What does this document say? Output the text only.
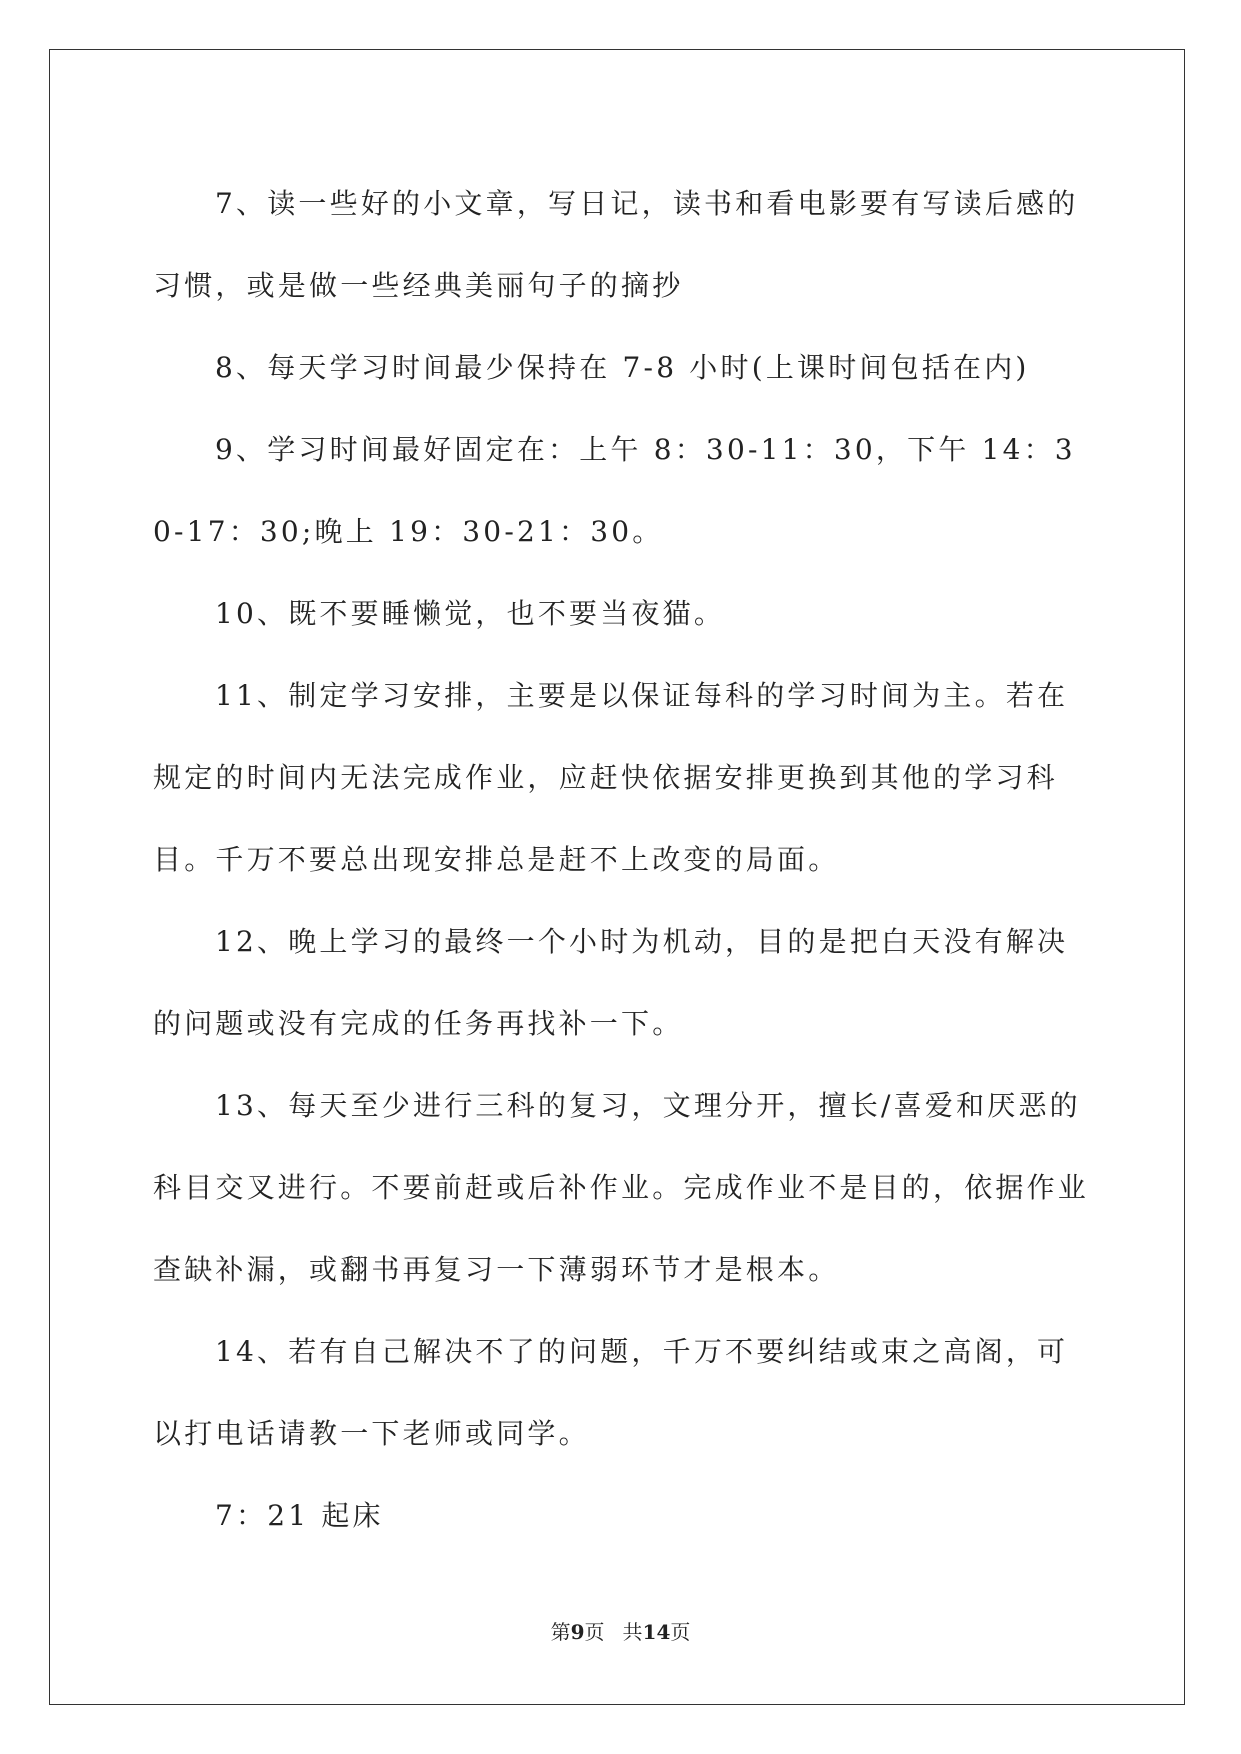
7、读一些好的小文章，写日记，读书和看电影要有写读后感的习惯，或是做一些经典美丽句子的摘抄

8、每天学习时间最少保持在 7-8 小时(上课时间包括在内)

9、学习时间最好固定在：上午 8：30-11：30，下午 14：30-17：30;晚上 19：30-21：30。

10、既不要睡懒觉，也不要当夜猫。

11、制定学习安排，主要是以保证每科的学习时间为主。若在规定的时间内无法完成作业，应赶快依据安排更换到其他的学习科目。千万不要总出现安排总是赶不上改变的局面。

12、晚上学习的最终一个小时为机动，目的是把白天没有解决的问题或没有完成的任务再找补一下。

13、每天至少进行三科的复习，文理分开，擅长/喜爱和厌恶的科目交叉进行。不要前赶或后补作业。完成作业不是目的，依据作业查缺补漏，或翻书再复习一下薄弱环节才是根本。

14、若有自己解决不了的问题，千万不要纠结或束之高阁，可以打电话请教一下老师或同学。

7：21 起床

第9页 共14页
